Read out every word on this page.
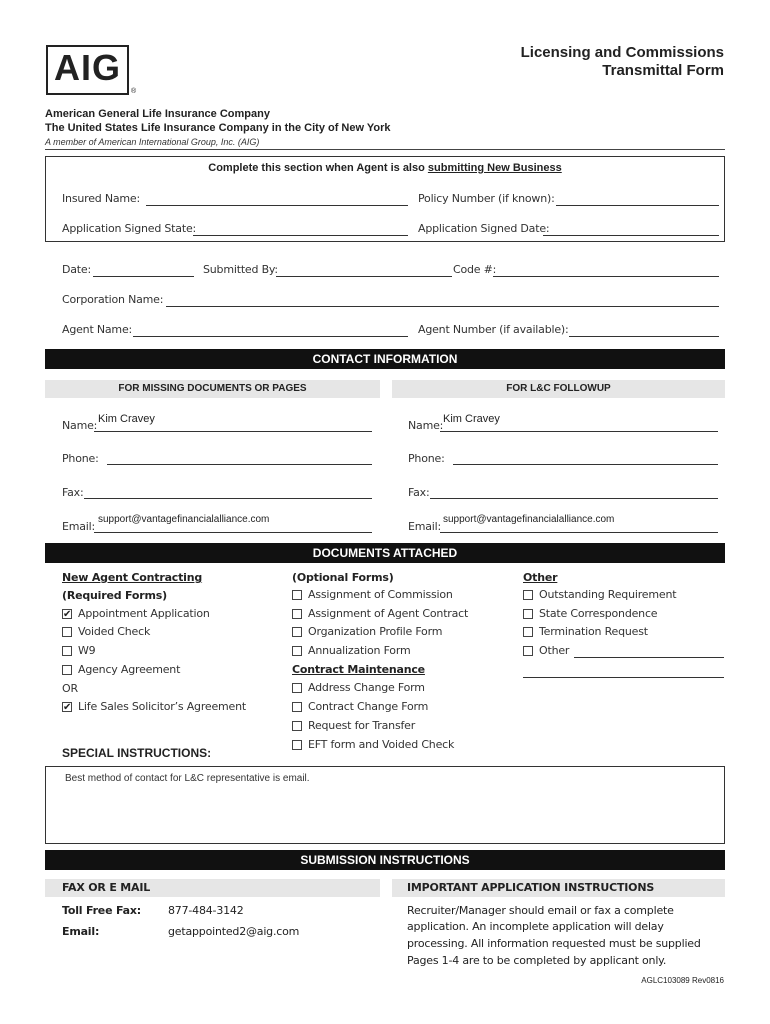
AIG
®
Licensing and Commissions
Transmittal Form
American General Life Insurance Company
The United States Life Insurance Company in the City of New York
A member of American International Group, Inc. (AIG)
Complete this section when Agent is also submitting New Business
Insured Name:	Policy Number (if known):
Application Signed State:	Application Signed Date:
Date:	Submitted By:	Code #:
Corporation Name:
Agent Name:	Agent Number (if available):
CONTACT INFORMATION
FOR MISSING DOCUMENTS OR PAGES	FOR L&C FOLLOWUP
Name: Kim Cravey	Name: Kim Cravey
Phone:	Phone:
Fax:	Fax:
Email:
support@vantagefinancialalliance.com
Email:
support@vantagefinancialalliance.com
DOCUMENTS ATTACHED
New Agent Contracting
(Required Forms)
✔ Appointment Application
Voided Check
W9
Agency Agreement
OR
✔ Life Sales Solicitor’s Agreement
(Optional Forms)
Assignment of Commission
Assignment of Agent Contract
Organization Profile Form
Annualization Form
Contract Maintenance
Address Change Form
Contract Change Form
Request for Transfer
EFT form and Voided Check
Other
Outstanding Requirement
State Correspondence
Termination Request
Other
SPECIAL INSTRUCTIONS:
Best method of contact for L&C representative is email.
SUBMISSION INSTRUCTIONS
FAX OR E MAIL	IMPORTANT APPLICATION INSTRUCTIONS
Toll Free Fax: 877-484-3142
Email:	getappointed2@aig.com
Recruiter/Manager should email or fax a complete
application. An incomplete application will delay
processing. All information requested must be supplied
Pages 1-4 are to be completed by applicant only.
AGLC103089 Rev0816
